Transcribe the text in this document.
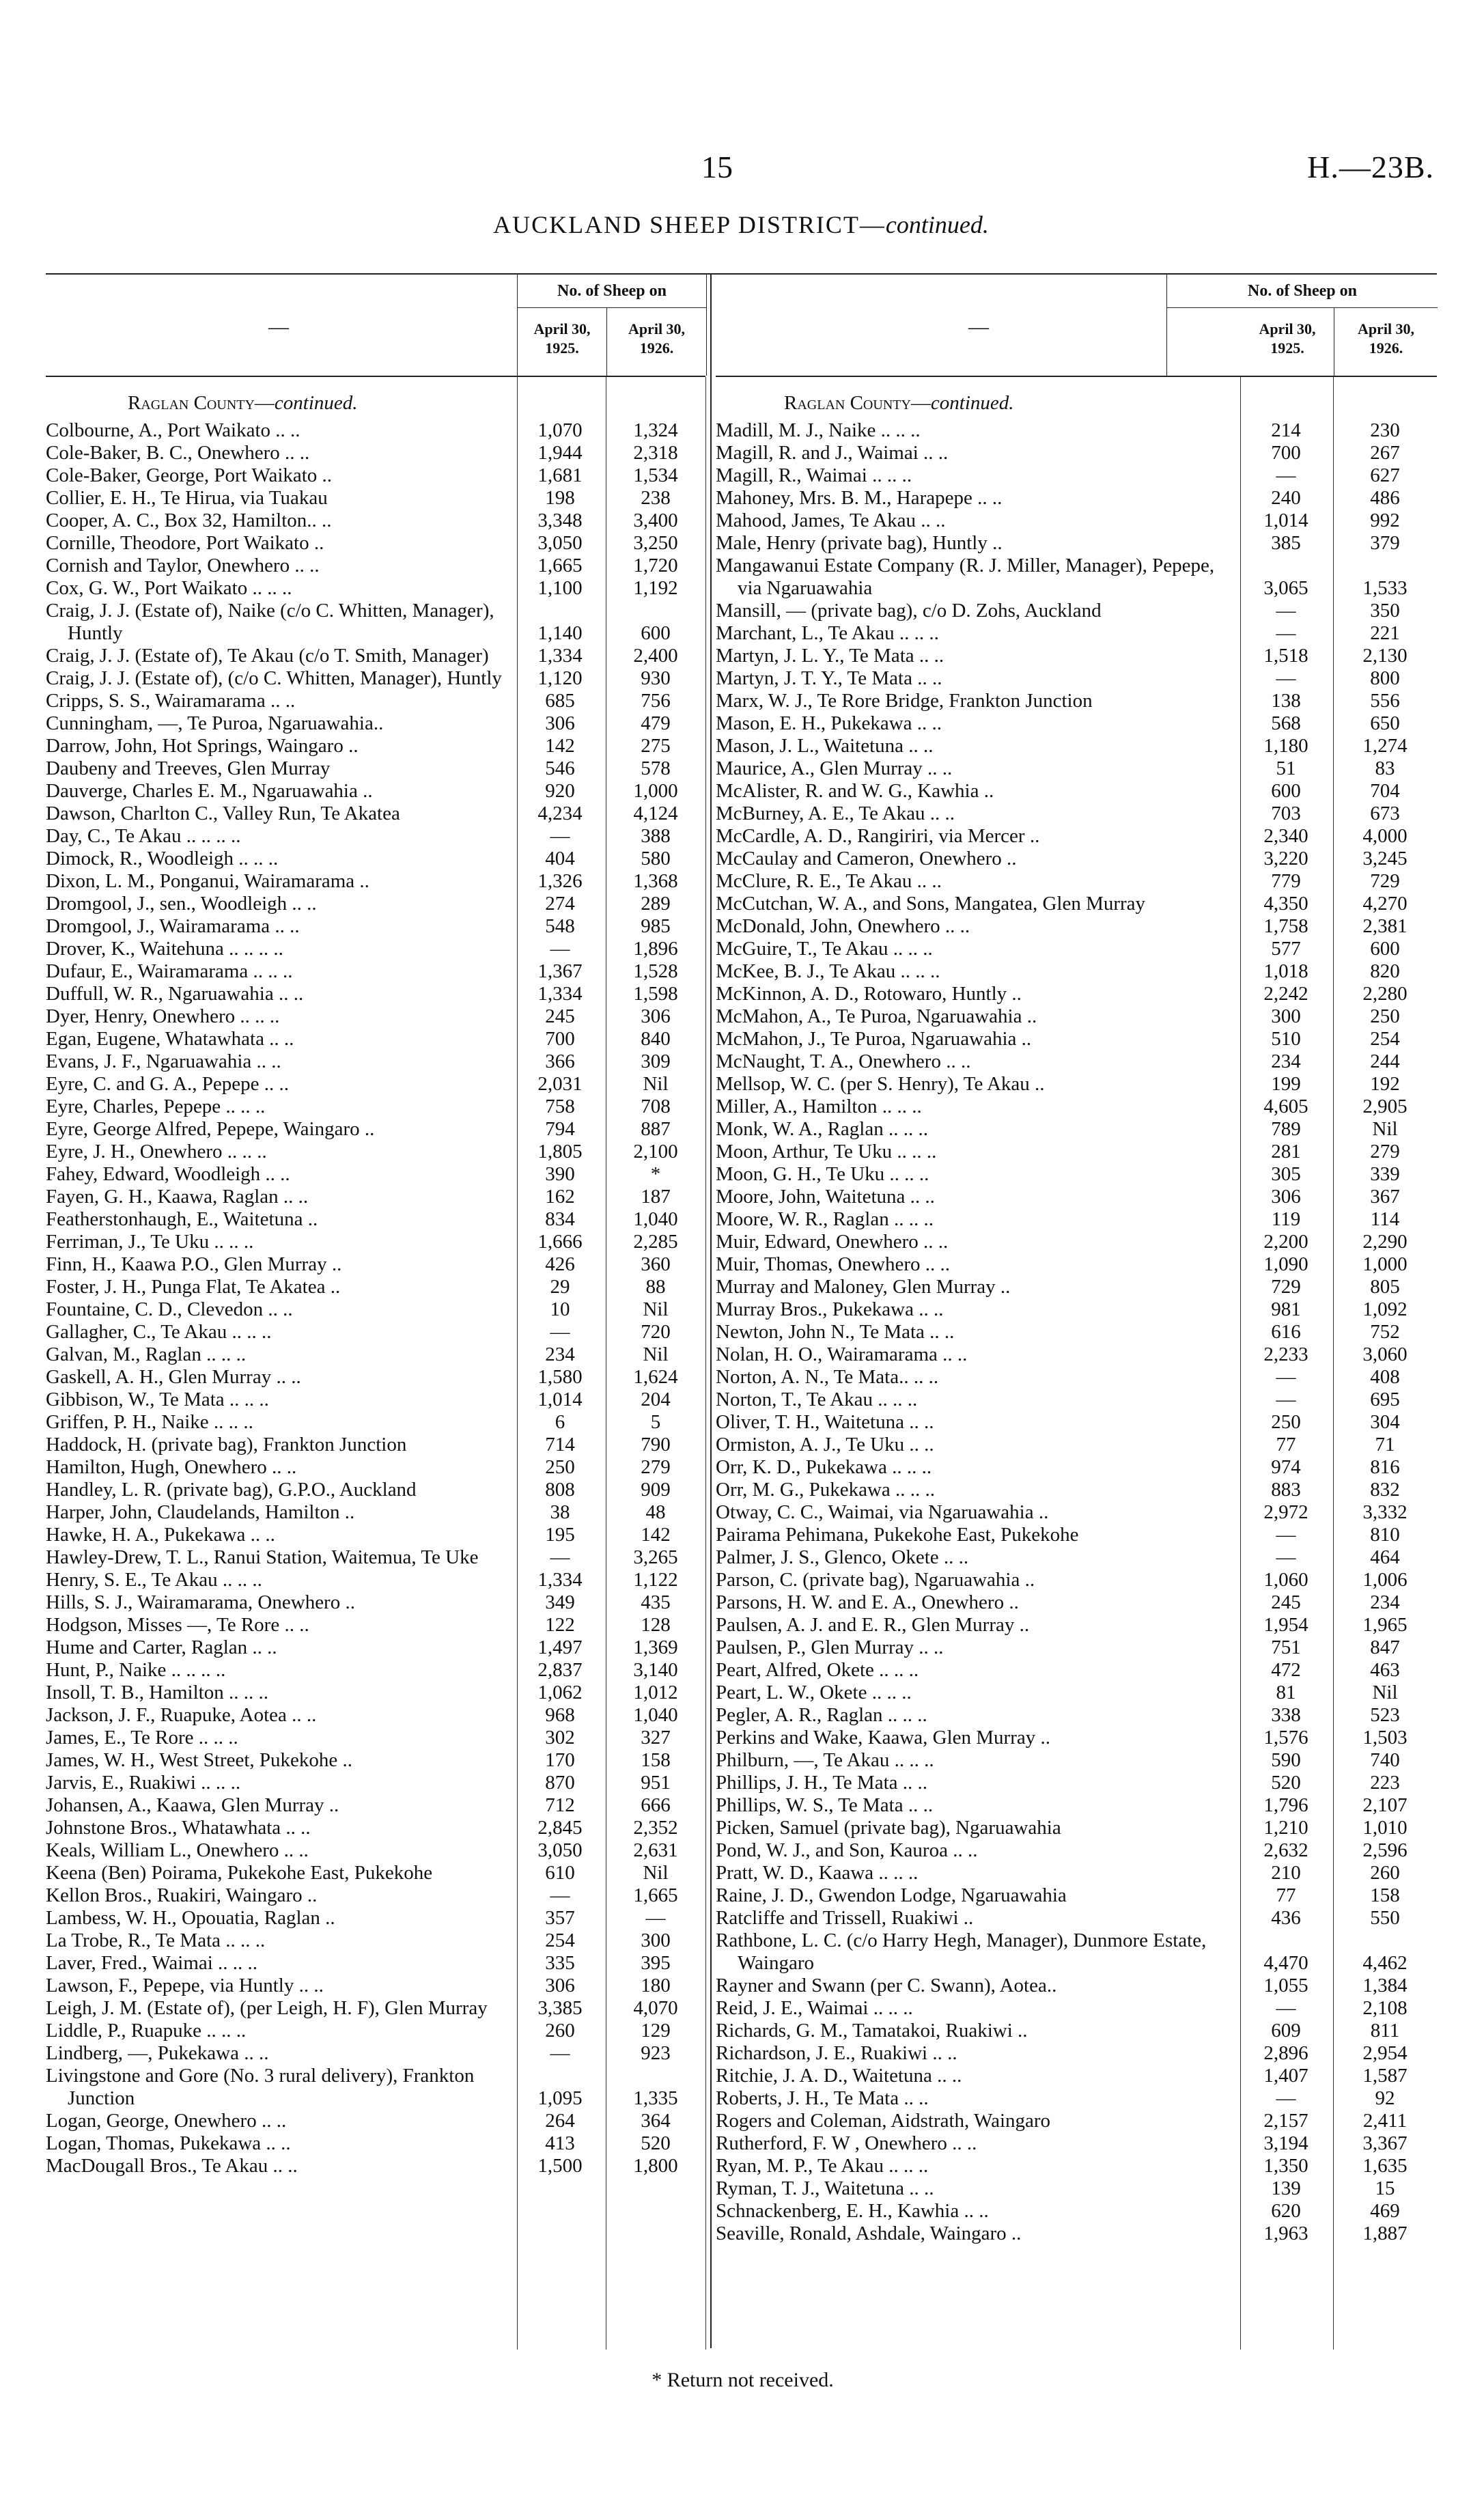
15	H.—23B.
AUCKLAND SHEEP DISTRICT—continued.
—
No. of Sheep on
April 30,
1925.
April 30,
1926.
Raglan County—continued.
Colbourne, A., Port Waikato .. ..	1,070	1,324
Cole-Baker, B. C., Onewhero .. ..	1,944	2,318
Cole-Baker, George, Port Waikato ..	1,681	1,534
Collier, E. H., Te Hirua, via Tuakau	198	238
Cooper, A. C., Box 32, Hamilton.. ..	3,348	3,400
Cornille, Theodore, Port Waikato ..	3,050	3,250
Cornish and Taylor, Onewhero .. ..	1,665	1,720
Cox, G. W., Port Waikato .. .. ..	1,100	1,192
Craig, J. J. (Estate of), Naike (c/o C. Whitten, Manager), Huntly	1,140	600
Craig, J. J. (Estate of), Te Akau (c/o T. Smith, Manager)	1,334	2,400
Craig, J. J. (Estate of), (c/o C. Whitten, Manager), Huntly	1,120	930
Cripps, S. S., Wairamarama .. ..	685	756
Cunningham, —, Te Puroa, Ngaruawahia..	306	479
Darrow, John, Hot Springs, Waingaro ..	142	275
Daubeny and Treeves, Glen Murray	546	578
Dauverge, Charles E. M., Ngaruawahia ..	920	1,000
Dawson, Charlton C., Valley Run, Te Akatea	4,234	4,124
Day, C., Te Akau .. .. .. ..	—	388
Dimock, R., Woodleigh .. .. ..	404	580
Dixon, L. M., Ponganui, Wairamarama ..	1,326	1,368
Dromgool, J., sen., Woodleigh .. ..	274	289
Dromgool, J., Wairamarama .. ..	548	985
Drover, K., Waitehuna .. .. .. ..	—	1,896
Dufaur, E., Wairamarama .. .. ..	1,367	1,528
Duffull, W. R., Ngaruawahia .. ..	1,334	1,598
Dyer, Henry, Onewhero .. .. ..	245	306
Egan, Eugene, Whatawhata .. ..	700	840
Evans, J. F., Ngaruawahia .. ..	366	309
Eyre, C. and G. A., Pepepe .. ..	2,031	Nil
Eyre, Charles, Pepepe .. .. ..	758	708
Eyre, George Alfred, Pepepe, Waingaro ..	794	887
Eyre, J. H., Onewhero .. .. ..	1,805	2,100
Fahey, Edward, Woodleigh .. ..	390	*
Fayen, G. H., Kaawa, Raglan .. ..	162	187
Featherstonhaugh, E., Waitetuna ..	834	1,040
Ferriman, J., Te Uku .. .. ..	1,666	2,285
Finn, H., Kaawa P.O., Glen Murray ..	426	360
Foster, J. H., Punga Flat, Te Akatea ..	29	88
Fountaine, C. D., Clevedon .. ..	10	Nil
Gallagher, C., Te Akau .. .. ..	—	720
Galvan, M., Raglan .. .. ..	234	Nil
Gaskell, A. H., Glen Murray .. ..	1,580	1,624
Gibbison, W., Te Mata .. .. ..	1,014	204
Griffen, P. H., Naike .. .. ..	6	5
Haddock, H. (private bag), Frankton Junction	714	790
Hamilton, Hugh, Onewhero .. ..	250	279
Handley, L. R. (private bag), G.P.O., Auckland	808	909
Harper, John, Claudelands, Hamilton ..	38	48
Hawke, H. A., Pukekawa .. ..	195	142
Hawley-Drew, T. L., Ranui Station, Waitemua, Te Uke	—	3,265
Henry, S. E., Te Akau .. .. ..	1,334	1,122
Hills, S. J., Wairamarama, Onewhero ..	349	435
Hodgson, Misses —, Te Rore .. ..	122	128
Hume and Carter, Raglan .. ..	1,497	1,369
Hunt, P., Naike .. .. .. ..	2,837	3,140
Insoll, T. B., Hamilton .. .. ..	1,062	1,012
Jackson, J. F., Ruapuke, Aotea .. ..	968	1,040
James, E., Te Rore .. .. ..	302	327
James, W. H., West Street, Pukekohe ..	170	158
Jarvis, E., Ruakiwi .. .. ..	870	951
Johansen, A., Kaawa, Glen Murray ..	712	666
Johnstone Bros., Whatawhata .. ..	2,845	2,352
Keals, William L., Onewhero .. ..	3,050	2,631
Keena (Ben) Poirama, Pukekohe East, Pukekohe	610	Nil
Kellon Bros., Ruakiri, Waingaro ..	—	1,665
Lambess, W. H., Opouatia, Raglan ..	357	—
La Trobe, R., Te Mata .. .. ..	254	300
Laver, Fred., Waimai .. .. ..	335	395
Lawson, F., Pepepe, via Huntly .. ..	306	180
Leigh, J. M. (Estate of), (per Leigh, H. F), Glen Murray	3,385	4,070
Liddle, P., Ruapuke .. .. ..	260	129
Lindberg, —, Pukekawa .. ..	—	923
Livingstone and Gore (No. 3 rural delivery), Frankton Junction	1,095	1,335
Logan, George, Onewhero .. ..	264	364
Logan, Thomas, Pukekawa .. ..	413	520
MacDougall Bros., Te Akau .. ..	1,500	1,800
—
No. of Sheep on
April 30,
1925.
April 30,
1926.
Raglan County—continued.
Madill, M. J., Naike .. .. ..	214	230
Magill, R. and J., Waimai .. ..	700	267
Magill, R., Waimai .. .. ..	—	627
Mahoney, Mrs. B. M., Harapepe .. ..	240	486
Mahood, James, Te Akau .. ..	1,014	992
Male, Henry (private bag), Huntly ..	385	379
Mangawanui Estate Company (R. J. Miller, Manager), Pepepe, via Ngaruawahia	3,065	1,533
Mansill, — (private bag), c/o D. Zohs, Auckland	—	350
Marchant, L., Te Akau .. .. ..	—	221
Martyn, J. L. Y., Te Mata .. ..	1,518	2,130
Martyn, J. T. Y., Te Mata .. ..	—	800
Marx, W. J., Te Rore Bridge, Frankton Junction	138	556
Mason, E. H., Pukekawa .. ..	568	650
Mason, J. L., Waitetuna .. ..	1,180	1,274
Maurice, A., Glen Murray .. ..	51	83
McAlister, R. and W. G., Kawhia ..	600	704
McBurney, A. E., Te Akau .. ..	703	673
McCardle, A. D., Rangiriri, via Mercer ..	2,340	4,000
McCaulay and Cameron, Onewhero ..	3,220	3,245
McClure, R. E., Te Akau .. ..	779	729
McCutchan, W. A., and Sons, Mangatea, Glen Murray	4,350	4,270
McDonald, John, Onewhero .. ..	1,758	2,381
McGuire, T., Te Akau .. .. ..	577	600
McKee, B. J., Te Akau .. .. ..	1,018	820
McKinnon, A. D., Rotowaro, Huntly ..	2,242	2,280
McMahon, A., Te Puroa, Ngaruawahia ..	300	250
McMahon, J., Te Puroa, Ngaruawahia ..	510	254
McNaught, T. A., Onewhero .. ..	234	244
Mellsop, W. C. (per S. Henry), Te Akau ..	199	192
Miller, A., Hamilton .. .. ..	4,605	2,905
Monk, W. A., Raglan .. .. ..	789	Nil
Moon, Arthur, Te Uku .. .. ..	281	279
Moon, G. H., Te Uku .. .. ..	305	339
Moore, John, Waitetuna .. ..	306	367
Moore, W. R., Raglan .. .. ..	119	114
Muir, Edward, Onewhero .. ..	2,200	2,290
Muir, Thomas, Onewhero .. ..	1,090	1,000
Murray and Maloney, Glen Murray ..	729	805
Murray Bros., Pukekawa .. ..	981	1,092
Newton, John N., Te Mata .. ..	616	752
Nolan, H. O., Wairamarama .. ..	2,233	3,060
Norton, A. N., Te Mata.. .. ..	—	408
Norton, T., Te Akau .. .. ..	—	695
Oliver, T. H., Waitetuna .. ..	250	304
Ormiston, A. J., Te Uku .. ..	77	71
Orr, K. D., Pukekawa .. .. ..	974	816
Orr, M. G., Pukekawa .. .. ..	883	832
Otway, C. C., Waimai, via Ngaruawahia ..	2,972	3,332
Pairama Pehimana, Pukekohe East, Pukekohe	—	810
Palmer, J. S., Glenco, Okete .. ..	—	464
Parson, C. (private bag), Ngaruawahia ..	1,060	1,006
Parsons, H. W. and E. A., Onewhero ..	245	234
Paulsen, A. J. and E. R., Glen Murray ..	1,954	1,965
Paulsen, P., Glen Murray .. ..	751	847
Peart, Alfred, Okete .. .. ..	472	463
Peart, L. W., Okete .. .. ..	81	Nil
Pegler, A. R., Raglan .. .. ..	338	523
Perkins and Wake, Kaawa, Glen Murray ..	1,576	1,503
Philburn, —, Te Akau .. .. ..	590	740
Phillips, J. H., Te Mata .. ..	520	223
Phillips, W. S., Te Mata .. ..	1,796	2,107
Picken, Samuel (private bag), Ngaruawahia	1,210	1,010
Pond, W. J., and Son, Kauroa .. ..	2,632	2,596
Pratt, W. D., Kaawa .. .. ..	210	260
Raine, J. D., Gwendon Lodge, Ngaruawahia	77	158
Ratcliffe and Trissell, Ruakiwi ..	436	550
Rathbone, L. C. (c/o Harry Hegh, Manager), Dunmore Estate, Waingaro	4,470	4,462
Rayner and Swann (per C. Swann), Aotea..	1,055	1,384
Reid, J. E., Waimai .. .. ..	—	2,108
Richards, G. M., Tamatakoi, Ruakiwi ..	609	811
Richardson, J. E., Ruakiwi .. ..	2,896	2,954
Ritchie, J. A. D., Waitetuna .. ..	1,407	1,587
Roberts, J. H., Te Mata .. ..	—	92
Rogers and Coleman, Aidstrath, Waingaro	2,157	2,411
Rutherford, F. W , Onewhero .. ..	3,194	3,367
Ryan, M. P., Te Akau .. .. ..	1,350	1,635
Ryman, T. J., Waitetuna .. ..	139	15
Schnackenberg, E. H., Kawhia .. ..	620	469
Seaville, Ronald, Ashdale, Waingaro ..	1,963	1,887
* Return not received.
